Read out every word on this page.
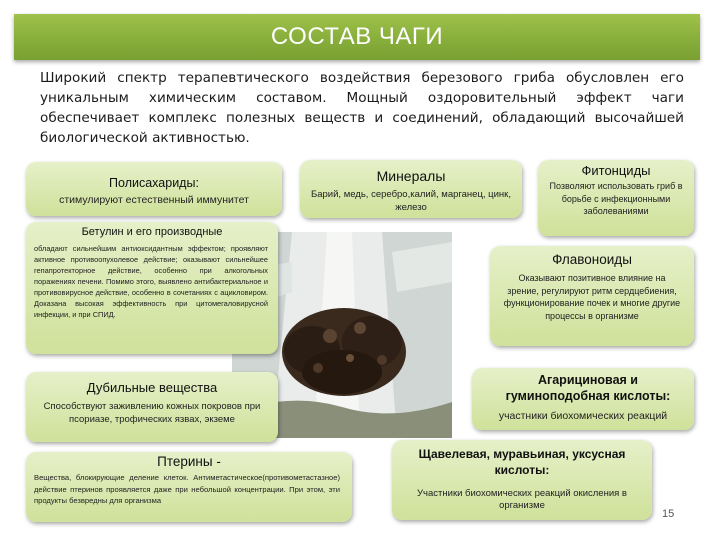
СОСТАВ ЧАГИ
Широкий спектр терапевтического воздействия березового гриба обусловлен его уникальным химическим составом. Мощный оздоровительный эффект чаги обеспечивает комплекс полезных веществ и соединений, обладающий высочайшей биологической активностью.
Полисахариды:
стимулируют естественный иммунитет
Минералы
Барий, медь, серебро,калий, марганец, цинк, железо
Фитонциды
Позволяют использовать гриб в борьбе с инфекционными заболеваниями
Бетулин и его производные
обладают сильнейшим антиоксидантным эффектом; проявляют активное противоопухолевое действие; оказывают сильнейшее гепапротекторное действие, особенно при алкогольных поражениях печени. Помимо этого, выявлено антибактериальное и противовирусное действие, особенно в сочетаниях с ацикловиром. Доказана высокая эффективность при цитомегаловирусной инфекции, и при СПИД.
Флавоноиды
Оказывают позитивное влияние на зрение, регулируют ритм сердцебиения, функционирование почек и многие другие процессы в организме
Дубильные вещества
Способствуют заживлению кожных покровов при псориазе, трофических язвах, экземе
Агарициновая и гуминоподобная кислоты:
участники биохомических реакций
Птерины -
Вещества, блокирующие деление клеток. Антиметастическое(противометастазное) действие птеринов проявляется даже при небольшой концентрации. При этом, эти продукты безвредны для организма
Щавелевая, муравьиная, уксусная кислоты:
Участники биохомических реакций окисления в организме
15
